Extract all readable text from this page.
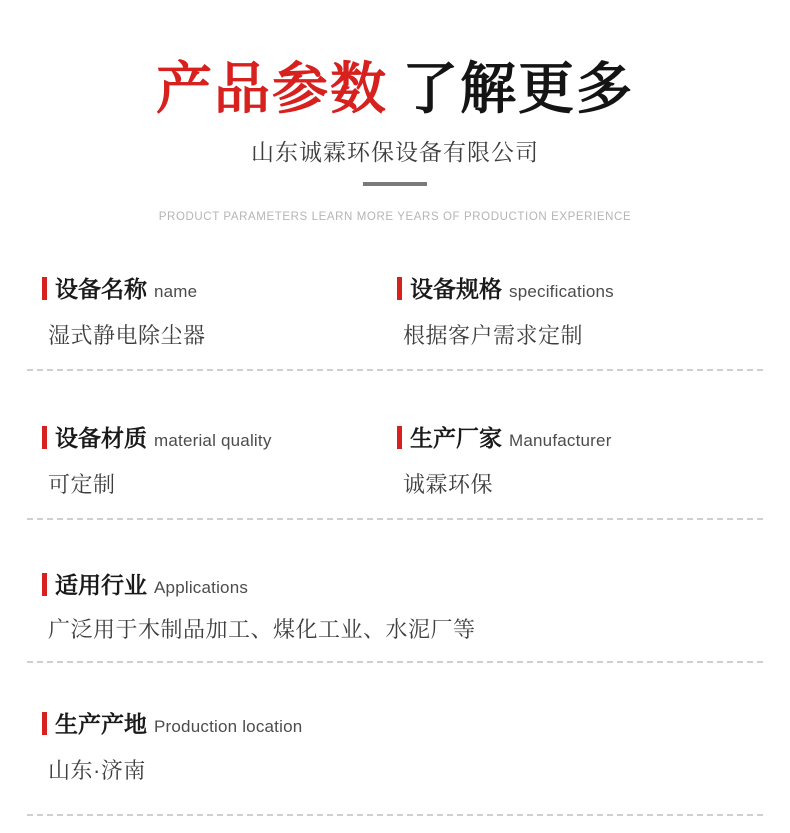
产品参数 了解更多
山东诚霖环保设备有限公司
PRODUCT PARAMETERS LEARN MORE YEARS OF PRODUCTION EXPERIENCE
设备名称 name
湿式静电除尘器
设备规格 specifications
根据客户需求定制
设备材质 material quality
可定制
生产厂家 Manufacturer
诚霖环保
适用行业 Applications
广泛用于木制品加工、煤化工业、水泥厂等
生产产地 Production location
山东·济南
